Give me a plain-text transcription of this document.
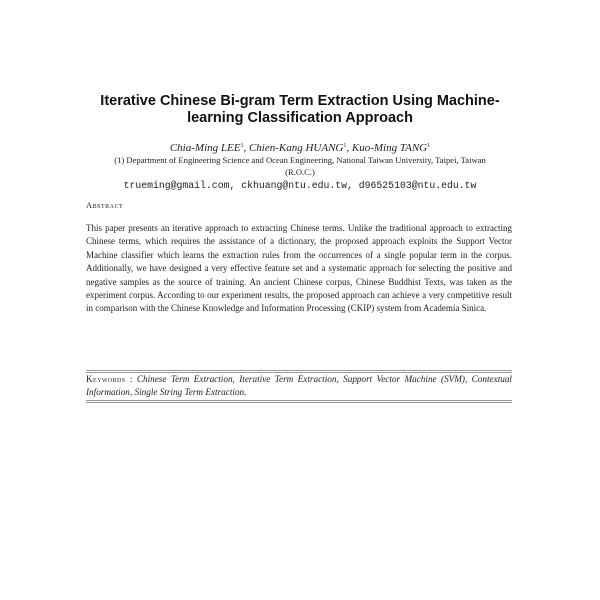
Iterative Chinese Bi-gram Term Extraction Using Machine-learning Classification Approach
Chia-Ming LEE$^1$, Chien-Kang HUANG$^1$, Kuo-Ming TANG$^1$
(1) Department of Engineering Science and Ocean Engineering, National Taiwan University, Taipei, Taiwan (R.O.C.)
trueming@gmail.com, ckhuang@ntu.edu.tw, d96525103@ntu.edu.tw
Abstract
This paper presents an iterative approach to extracting Chinese terms. Unlike the traditional approach to extracting Chinese terms, which requires the assistance of a dictionary, the proposed approach exploits the Support Vector Machine classifier which learns the extraction rules from the occurrences of a single popular term in the corpus. Additionally, we have designed a very effective feature set and a systematic approach for selecting the positive and negative samples as the source of training. An ancient Chinese corpus, Chinese Buddhist Texts, was taken as the experiment corpus. According to our experiment results, the proposed approach can achieve a very competitive result in comparison with the Chinese Knowledge and Information Processing (CKIP) system from Academia Sinica.
Keywords : Chinese Term Extraction, Iterative Term Extraction, Support Vector Machine (SVM), Contextual Information, Single String Term Extraction.
